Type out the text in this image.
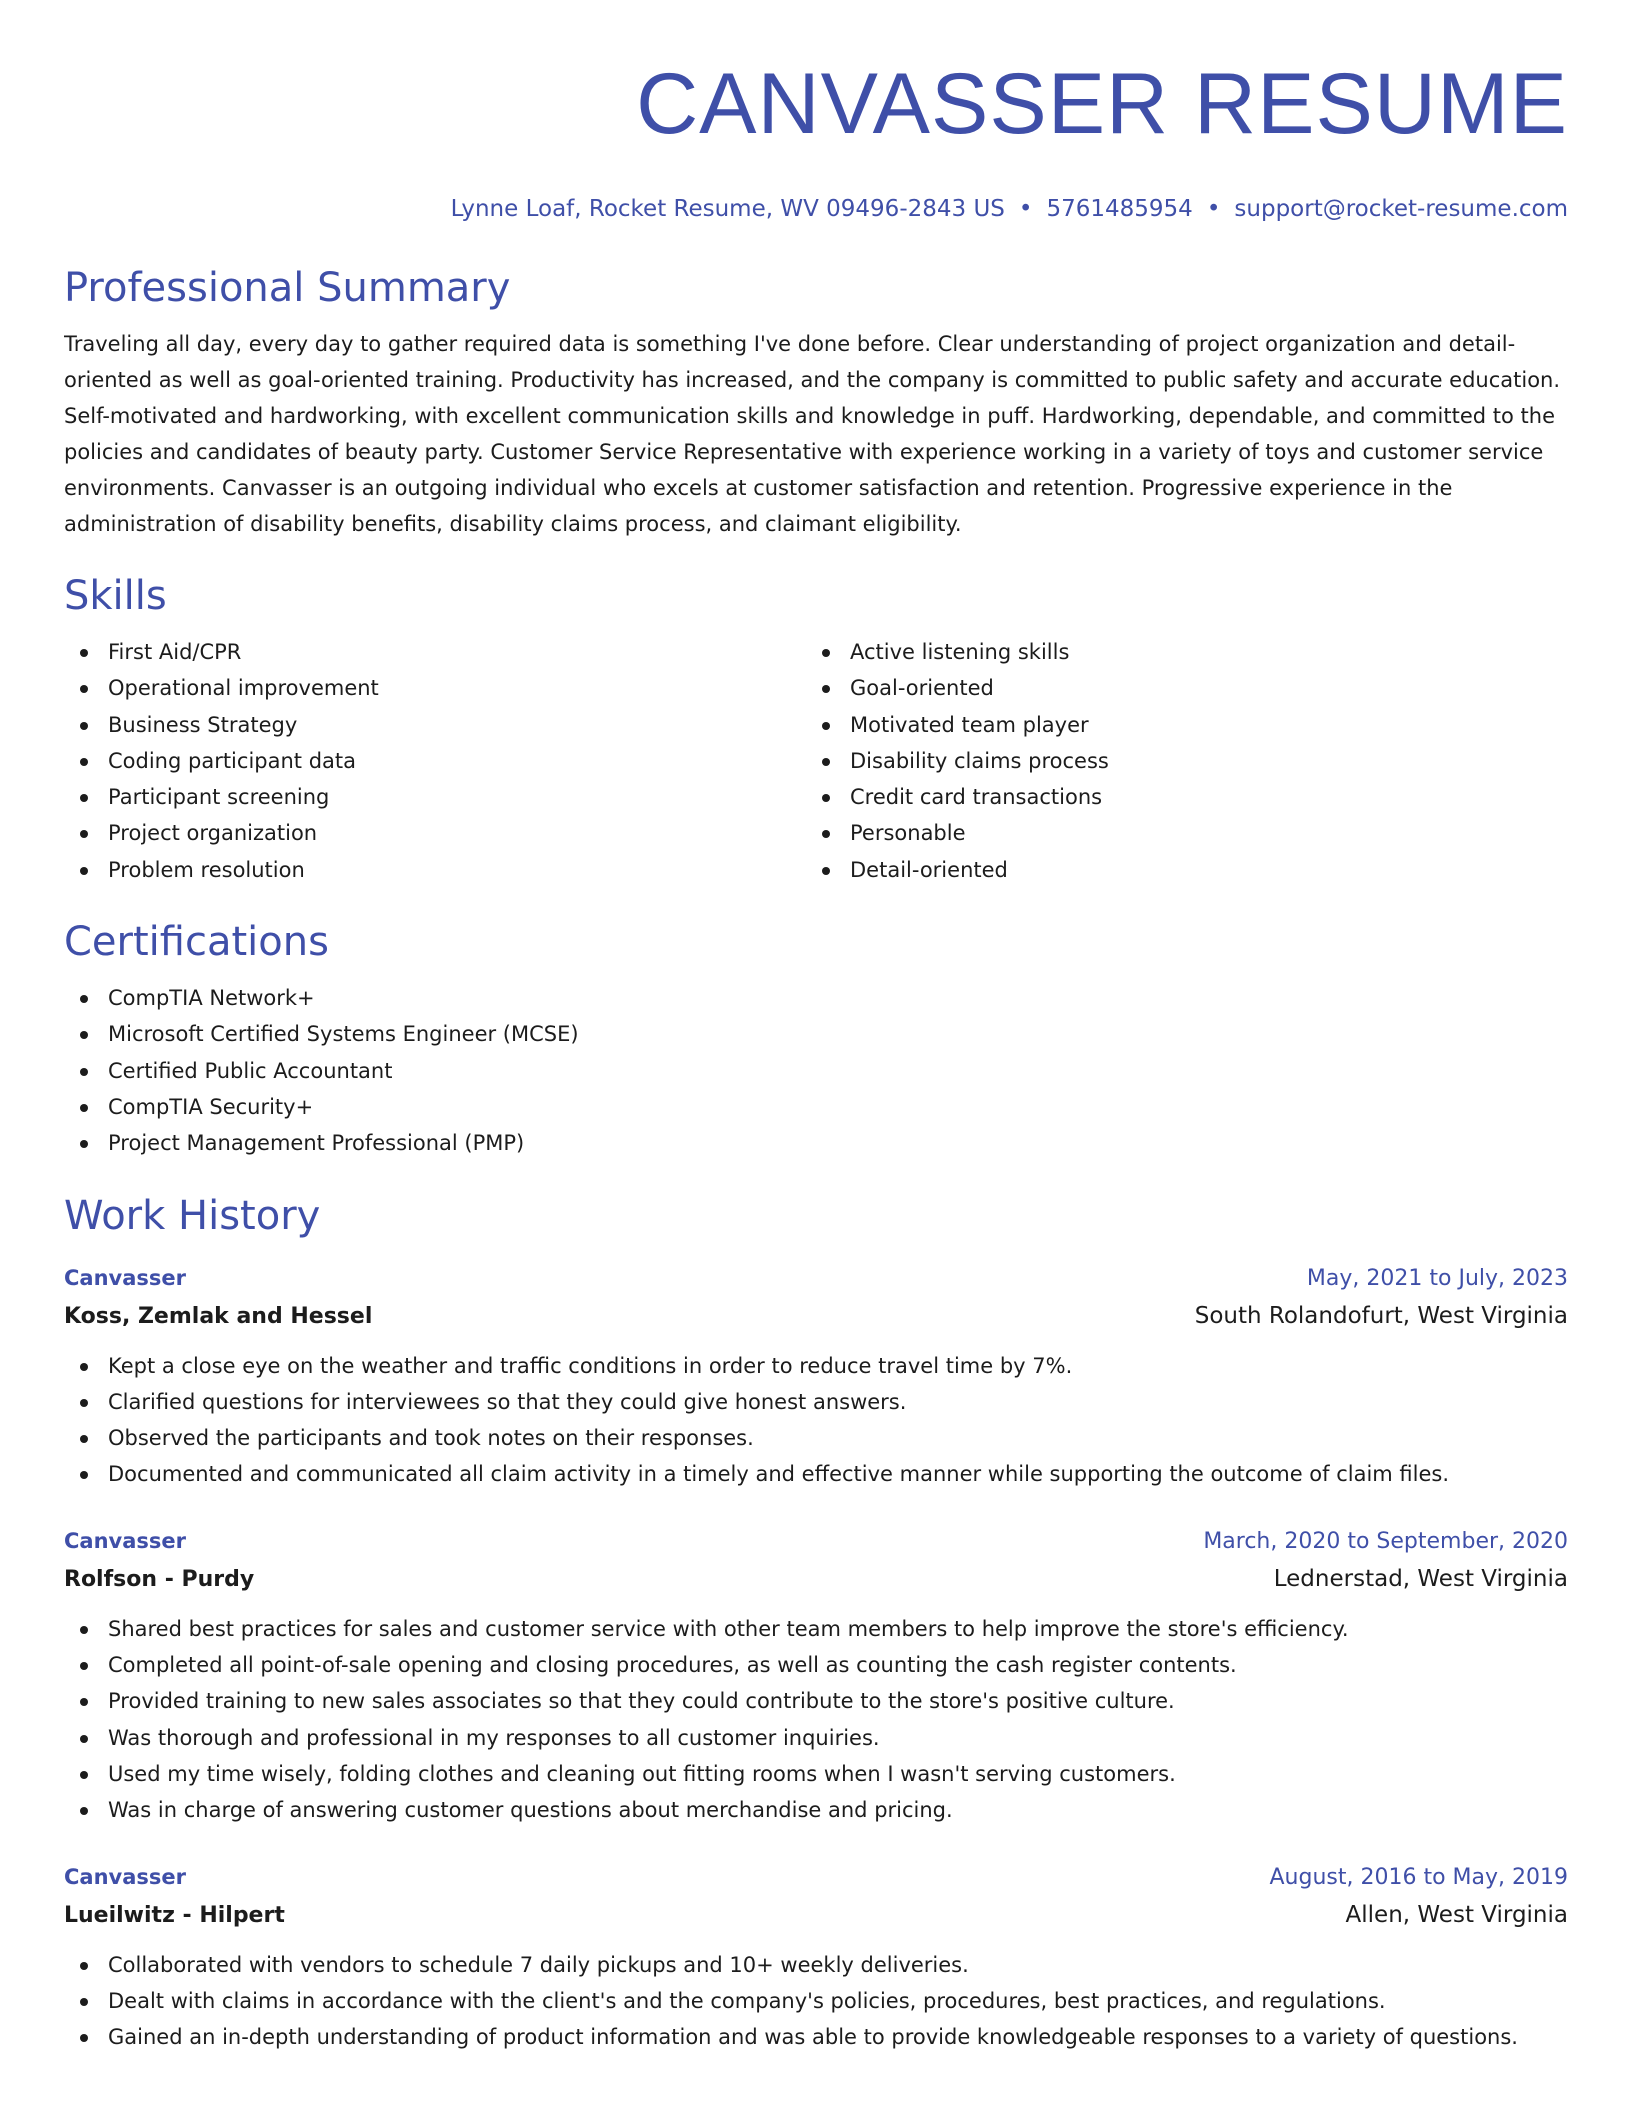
CANVASSER RESUME
Lynne Loaf, Rocket Resume, WV 09496-2843 US • 5761485954 • support@rocket-resume.com
Professional Summary

Traveling all day, every day to gather required data is something I've done before. Clear understanding of project organization and detail-oriented as well as goal-oriented training. Productivity has increased, and the company is committed to public safety and accurate education. Self-motivated and hardworking, with excellent communication skills and knowledge in puff. Hardworking, dependable, and committed to the policies and candidates of beauty party. Customer Service Representative with experience working in a variety of toys and customer service environments. Canvasser is an outgoing individual who excels at customer satisfaction and retention. Progressive experience in the administration of disability benefits, disability claims process, and claimant eligibility.

Skills
First Aid/CPR
Operational improvement
Business Strategy
Coding participant data
Participant screening
Project organization
Problem resolution
Active listening skills
Goal-oriented
Motivated team player
Disability claims process
Credit card transactions
Personable
Detail-oriented
Certifications
CompTIA Network+
Microsoft Certified Systems Engineer (MCSE)
Certified Public Accountant
CompTIA Security+
Project Management Professional (PMP)
Work History
Canvasser	May, 2021 to July, 2023
Koss, Zemlak and Hessel	South Rolandofurt, West Virginia
Kept a close eye on the weather and traffic conditions in order to reduce travel time by 7%.
Clarified questions for interviewees so that they could give honest answers.
Observed the participants and took notes on their responses.
Documented and communicated all claim activity in a timely and effective manner while supporting the outcome of claim files.
Canvasser	March, 2020 to September, 2020
Rolfson - Purdy	Lednerstad, West Virginia
Shared best practices for sales and customer service with other team members to help improve the store's efficiency.
Completed all point-of-sale opening and closing procedures, as well as counting the cash register contents.
Provided training to new sales associates so that they could contribute to the store's positive culture.
Was thorough and professional in my responses to all customer inquiries.
Used my time wisely, folding clothes and cleaning out fitting rooms when I wasn't serving customers.
Was in charge of answering customer questions about merchandise and pricing.
Canvasser	August, 2016 to May, 2019
Lueilwitz - Hilpert	Allen, West Virginia
Collaborated with vendors to schedule 7 daily pickups and 10+ weekly deliveries.
Dealt with claims in accordance with the client's and the company's policies, procedures, best practices, and regulations.
Gained an in-depth understanding of product information and was able to provide knowledgeable responses to a variety of questions.
